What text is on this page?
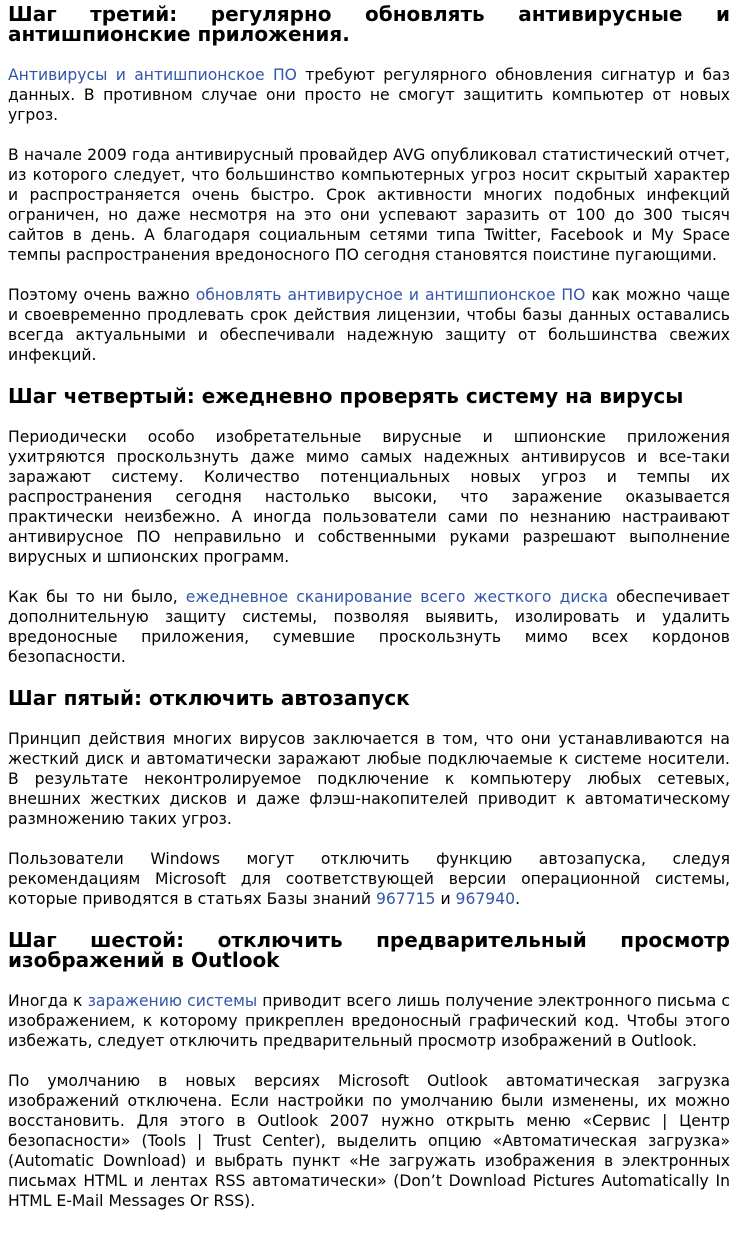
Шаг третий: регулярно обновлять антивирусные и антишпионские приложения.

Антивирусы и антишпионское ПО требуют регулярного обновления сигнатур и баз данных. В противном случае они просто не смогут защитить компьютер от новых угроз.

В начале 2009 года антивирусный провайдер AVG опубликовал статистический отчет, из которого следует, что большинство компьютерных угроз носит скрытый характер и распространяется очень быстро. Срок активности многих подобных инфекций ограничен, но даже несмотря на это они успевают заразить от 100 до 300 тысяч сайтов в день. А благодаря социальным сетями типа Twitter, Facebook и My Space темпы распространения вредоносного ПО сегодня становятся поистине пугающими.

Поэтому очень важно обновлять антивирусное и антишпионское ПО как можно чаще и своевременно продлевать срок действия лицензии, чтобы базы данных оставались всегда актуальными и обеспечивали надежную защиту от большинства свежих инфекций.

Шаг четвертый: ежедневно проверять систему на вирусы

Периодически особо изобретательные вирусные и шпионские приложения ухитряются проскользнуть даже мимо самых надежных антивирусов и все-таки заражают систему. Количество потенциальных новых угроз и темпы их распространения сегодня настолько высоки, что заражение оказывается практически неизбежно. А иногда пользователи сами по незнанию настраивают антивирусное ПО неправильно и собственными руками разрешают выполнение вирусных и шпионских программ.

Как бы то ни было, ежедневное сканирование всего жесткого диска обеспечивает дополнительную защиту системы, позволяя выявить, изолировать и удалить вредоносные приложения, сумевшие проскользнуть мимо всех кордонов безопасности.

Шаг пятый: отключить автозапуск

Принцип действия многих вирусов заключается в том, что они устанавливаются на жесткий диск и автоматически заражают любые подключаемые к системе носители. В результате неконтролируемое подключение к компьютеру любых сетевых, внешних жестких дисков и даже флэш-накопителей приводит к автоматическому размножению таких угроз.

Пользователи Windows могут отключить функцию автозапуска, следуя рекомендациям Microsoft для соответствующей версии операционной системы, которые приводятся в статьях Базы знаний 967715 и 967940.

Шаг шестой: отключить предварительный просмотр изображений в Outlook

Иногда к заражению системы приводит всего лишь получение электронного письма с изображением, к которому прикреплен вредоносный графический код. Чтобы этого избежать, следует отключить предварительный просмотр изображений в Outlook.

По умолчанию в новых версиях Microsoft Outlook автоматическая загрузка изображений отключена. Если настройки по умолчанию были изменены, их можно восстановить. Для этого в Outlook 2007 нужно открыть меню «Сервис | Центр безопасности» (Tools | Trust Center), выделить опцию «Автоматическая загрузка» (Automatic Download) и выбрать пункт «Не загружать изображения в электронных письмах HTML и лентах RSS автоматически» (Don’t Download Pictures Automatically In HTML E-Mail Messages Or RSS).
